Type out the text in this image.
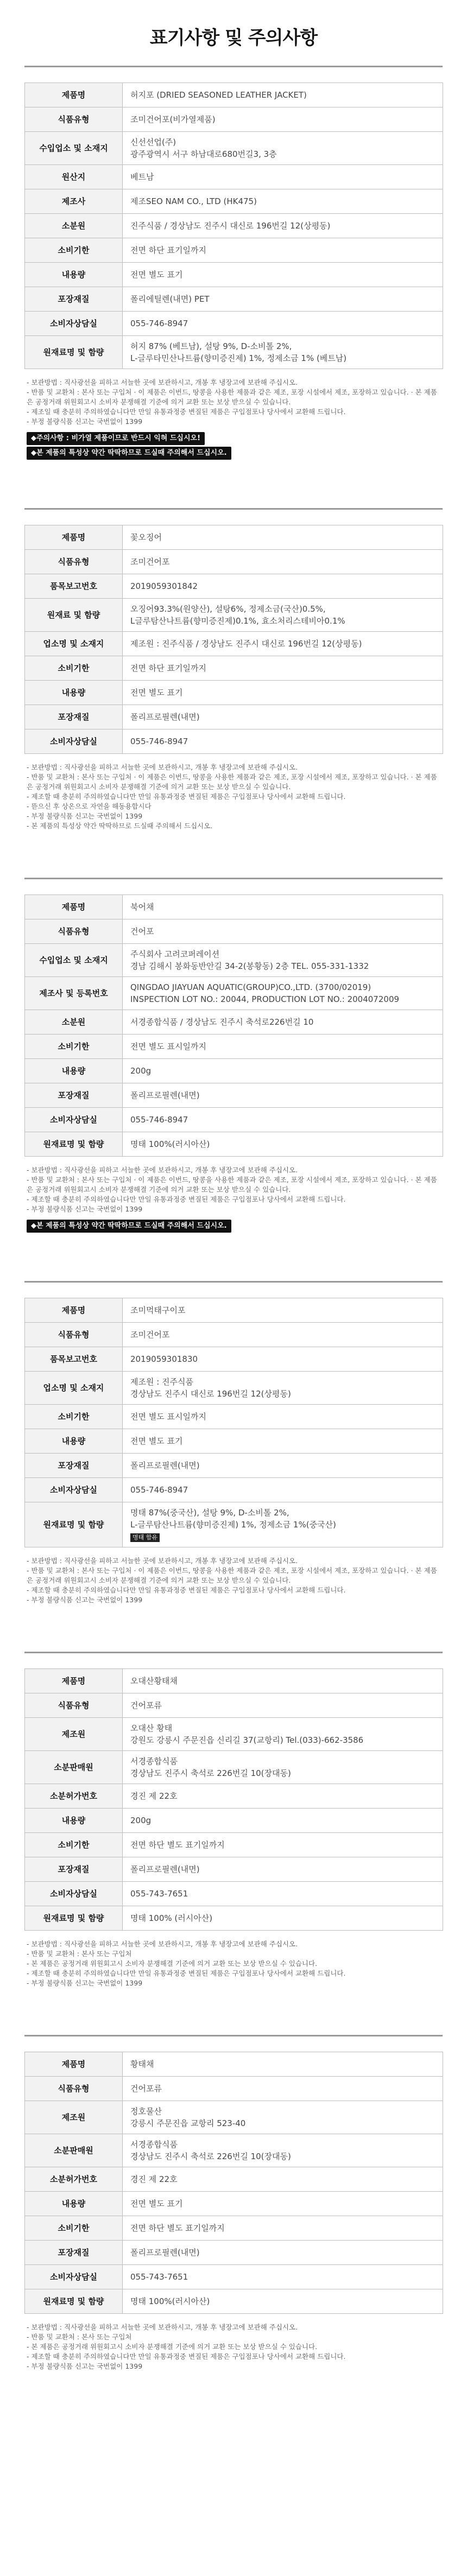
표기사항 및 주의사항
제품명	허지포 (DRIED SEASONED LEATHER JACKET)

식품유형	조미건어포(비가열제품)

수입업소 및 소재지	신선선업(주)
광주광역시 서구 하남대로680번길3, 3층

원산지	베트남

제조사	제조SEO NAM CO., LTD (HK475)

소분원	진주식품 / 경상남도 진주시 대신로 196번길 12(상평동)

소비기한	전면 하단 표기일까지

내용량	전면 별도 표기

포장재질	폴리에틸렌(내면) PET

소비자상담실	055-746-8947

원재료명 및 함량	허지 87% (베트남), 설탕 9%, D-소비톨 2%,
L-글루타민산나트륨(향미증진제) 1%, 정제소금 1% (베트남)

- 보관방법 : 직사광선을 피하고 서늘한 곳에 보관하시고, 개봉 후 냉장고에 보관해 주십시오.

- 반품 및 교환처 : 본사 또는 구입처 · 이 제품은 이번드, 땅콩을 사용한 제품과 같은 제조, 포장 시설에서 제조, 포장하고 있습니다. · 본 제품은 공정거래 위원회고시 소비자 분쟁해결 기준에 의거 교환 또는 보상 받으실 수 있습니다.

- 제조일 때 충분히 주의하였습니다만 만일 유통과정중 변질된 제품은 구입점포나 당사에서 교환해 드립니다.

- 부정 불량식품 신고는 국번없이 1399

◆주의사항 : 비가열 제품이므로 반드시 익혀 드십시오!
◆본 제품의 특성상 약간 딱딱하므로 드실때 주의해서 드십시오.
제품명	꽃오징어

식품유형	조미건어포

품목보고번호	2019059301842

원재료 및 함량	오징어93.3%(원양산), 설탕6%, 정제소금(국산)0.5%,
L글루탐산나트륨(향미증진제)0.1%, 효소처리스테비아0.1%

업소명 및 소재지	제조원 : 진주식품 / 경상남도 진주시 대신로 196번길 12(상평동)

소비기한	전면 하단 표기일까지

내용량	전면 별도 표기

포장재질	폴리프로필렌(내면)

소비자상담실	055-746-8947

- 보관방법 : 직사광선을 피하고 서늘한 곳에 보관하시고, 개봉 후 냉장고에 보관해 주십시오.

- 반품 및 교환처 : 본사 또는 구입처 · 이 제품은 이번드, 땅콩을 사용한 제품과 같은 제조, 포장 시설에서 제조, 포장하고 있습니다. · 본 제품은 공정거래 위원회고시 소비자 분쟁해결 기준에 의거 교환 또는 보상 받으실 수 있습니다.

- 제조할 때 충분히 주의하였습니다만 만일 유통과정중 변질된 제품은 구입점포나 당사에서 교환해 드립니다.

- 뜯으신 후 상온으로 자연을 해동용합시다

- 부정 불량식품 신고는 국번없이 1399

- 본 제품의 특성상 약간 딱딱하므로 드실때 주의해서 드십시오.

제품명	북어채

식품유형	건어포

수입업소 및 소재지	주식회사 고려코퍼레이션
경남 김해시 봉화동반안길 34-2(봉황동) 2층 TEL. 055-331-1332

제조사 및 등록번호	QINGDAO JIAYUAN AQUATIC(GROUP)CO.,LTD. (3700/02019)
INSPECTION LOT NO.: 20044, PRODUCTION LOT NO.: 2004072009

소분원	서경종합식품 / 경상남도 진주시 축석로226번길 10

소비기한	전면 별도 표시일까지

내용량	200g

포장재질	폴리프로필렌(내면)

소비자상담실	055-746-8947

원재료명 및 함량	명태 100%(러시아산)

- 보관방법 : 직사광선을 피하고 서늘한 곳에 보관하시고, 개봉 후 냉장고에 보관해 주십시오.

- 반품 및 교환처 : 본사 또는 구입처 · 이 제품은 이번드, 땅콩을 사용한 제품과 같은 제조, 포장 시설에서 제조, 포장하고 있습니다. · 본 제품은 공정거래 위원회고시 소비자 분쟁해결 기준에 의거 교환 또는 보상 받으실 수 있습니다.

- 제조할 때 충분히 주의하였습니다만 만일 유통과정중 변질된 제품은 구입점포나 당사에서 교환해 드립니다.

- 부정 불량식품 신고는 국번없이 1399

◆본 제품의 특성상 약간 딱딱하므로 드실때 주의해서 드십시오.
제품명	조미먹태구이포

식품유형	조미건어포

품목보고번호	2019059301830

업소명 및 소재지	제조원 : 진주식품
경상남도 진주시 대신로 196번길 12(상평동)

소비기한	전면 별도 표시일까지

내용량	전면 별도 표기

포장재질	폴리프로필렌(내면)

소비자상담실	055-746-8947

원재료명 및 함량	명태 87%(중국산), 설탕 9%, D-소비톨 2%,
L-글루탐산나트륨(향미증진제) 1%, 정제소금 1%(중국산)
명태 함유

- 보관방법 : 직사광선을 피하고 서늘한 곳에 보관하시고, 개봉 후 냉장고에 보관해 주십시오.

- 반품 및 교환처 : 본사 또는 구입처 · 이 제품은 이번드, 땅콩을 사용한 제품과 같은 제조, 포장 시설에서 제조, 포장하고 있습니다. · 본 제품은 공정거래 위원회고시 소비자 분쟁해결 기준에 의거 교환 또는 보상 받으실 수 있습니다.

- 제조할 때 충분히 주의하였습니다만 만일 유통과정중 변질된 제품은 구입점포나 당사에서 교환해 드립니다.

- 부정 불량식품 신고는 국번없이 1399

제품명	오대산황태채

식품유형	건어포류

제조원	오대산 황태
강원도 강릉시 주문진읍 신리길 37(교항리) Tel.(033)-662-3586

소분판매원	서경종합식품
경상남도 진주시 축석로 226번길 10(장대동)

소분허가번호	경진 제 22호

내용량	200g

소비기한	전면 하단 별도 표기일까지

포장재질	폴리프로필렌(내면)

소비자상담실	055-743-7651

원재료명 및 함량	명태 100% (러시아산)

- 보관방법 : 직사광선을 피하고 서늘한 곳에 보관하시고, 개봉 후 냉장고에 보관해 주십시오.

- 반품 및 교환처 : 본사 또는 구입처

- 본 제품은 공정거래 위원회고시 소비자 분쟁해결 기준에 의거 교환 또는 보상 받으실 수 있습니다.

- 제조할 때 충분히 주의하였습니다만 만일 유통과정중 변질된 제품은 구입점포나 당사에서 교환해 드립니다.

- 부정 불량식품 신고는 국번없이 1399

제품명	황태채

식품유형	건어포류

제조원	정호물산
강릉시 주문진읍 교항리 523-40

소분판매원	서경종합식품
경상남도 진주시 축석로 226번길 10(장대동)

소분허가번호	경진 제 22호

내용량	전면 별도 표기

소비기한	전면 하단 별도 표기일까지

포장재질	폴리프로필렌(내면)

소비자상담실	055-743-7651

원재료명 및 함량	명태 100%(러시아산)

- 보관방법 : 직사광선을 피하고 서늘한 곳에 보관하시고, 개봉 후 냉장고에 보관해 주십시오.

- 반품 및 교환처 : 본사 또는 구입처

- 본 제품은 공정거래 위원회고시 소비자 분쟁해결 기준에 의거 교환 또는 보상 받으실 수 있습니다.

- 제조할 때 충분히 주의하였습니다만 만일 유통과정중 변질된 제품은 구입점포나 당사에서 교환해 드립니다.

- 부정 불량식품 신고는 국번없이 1399
